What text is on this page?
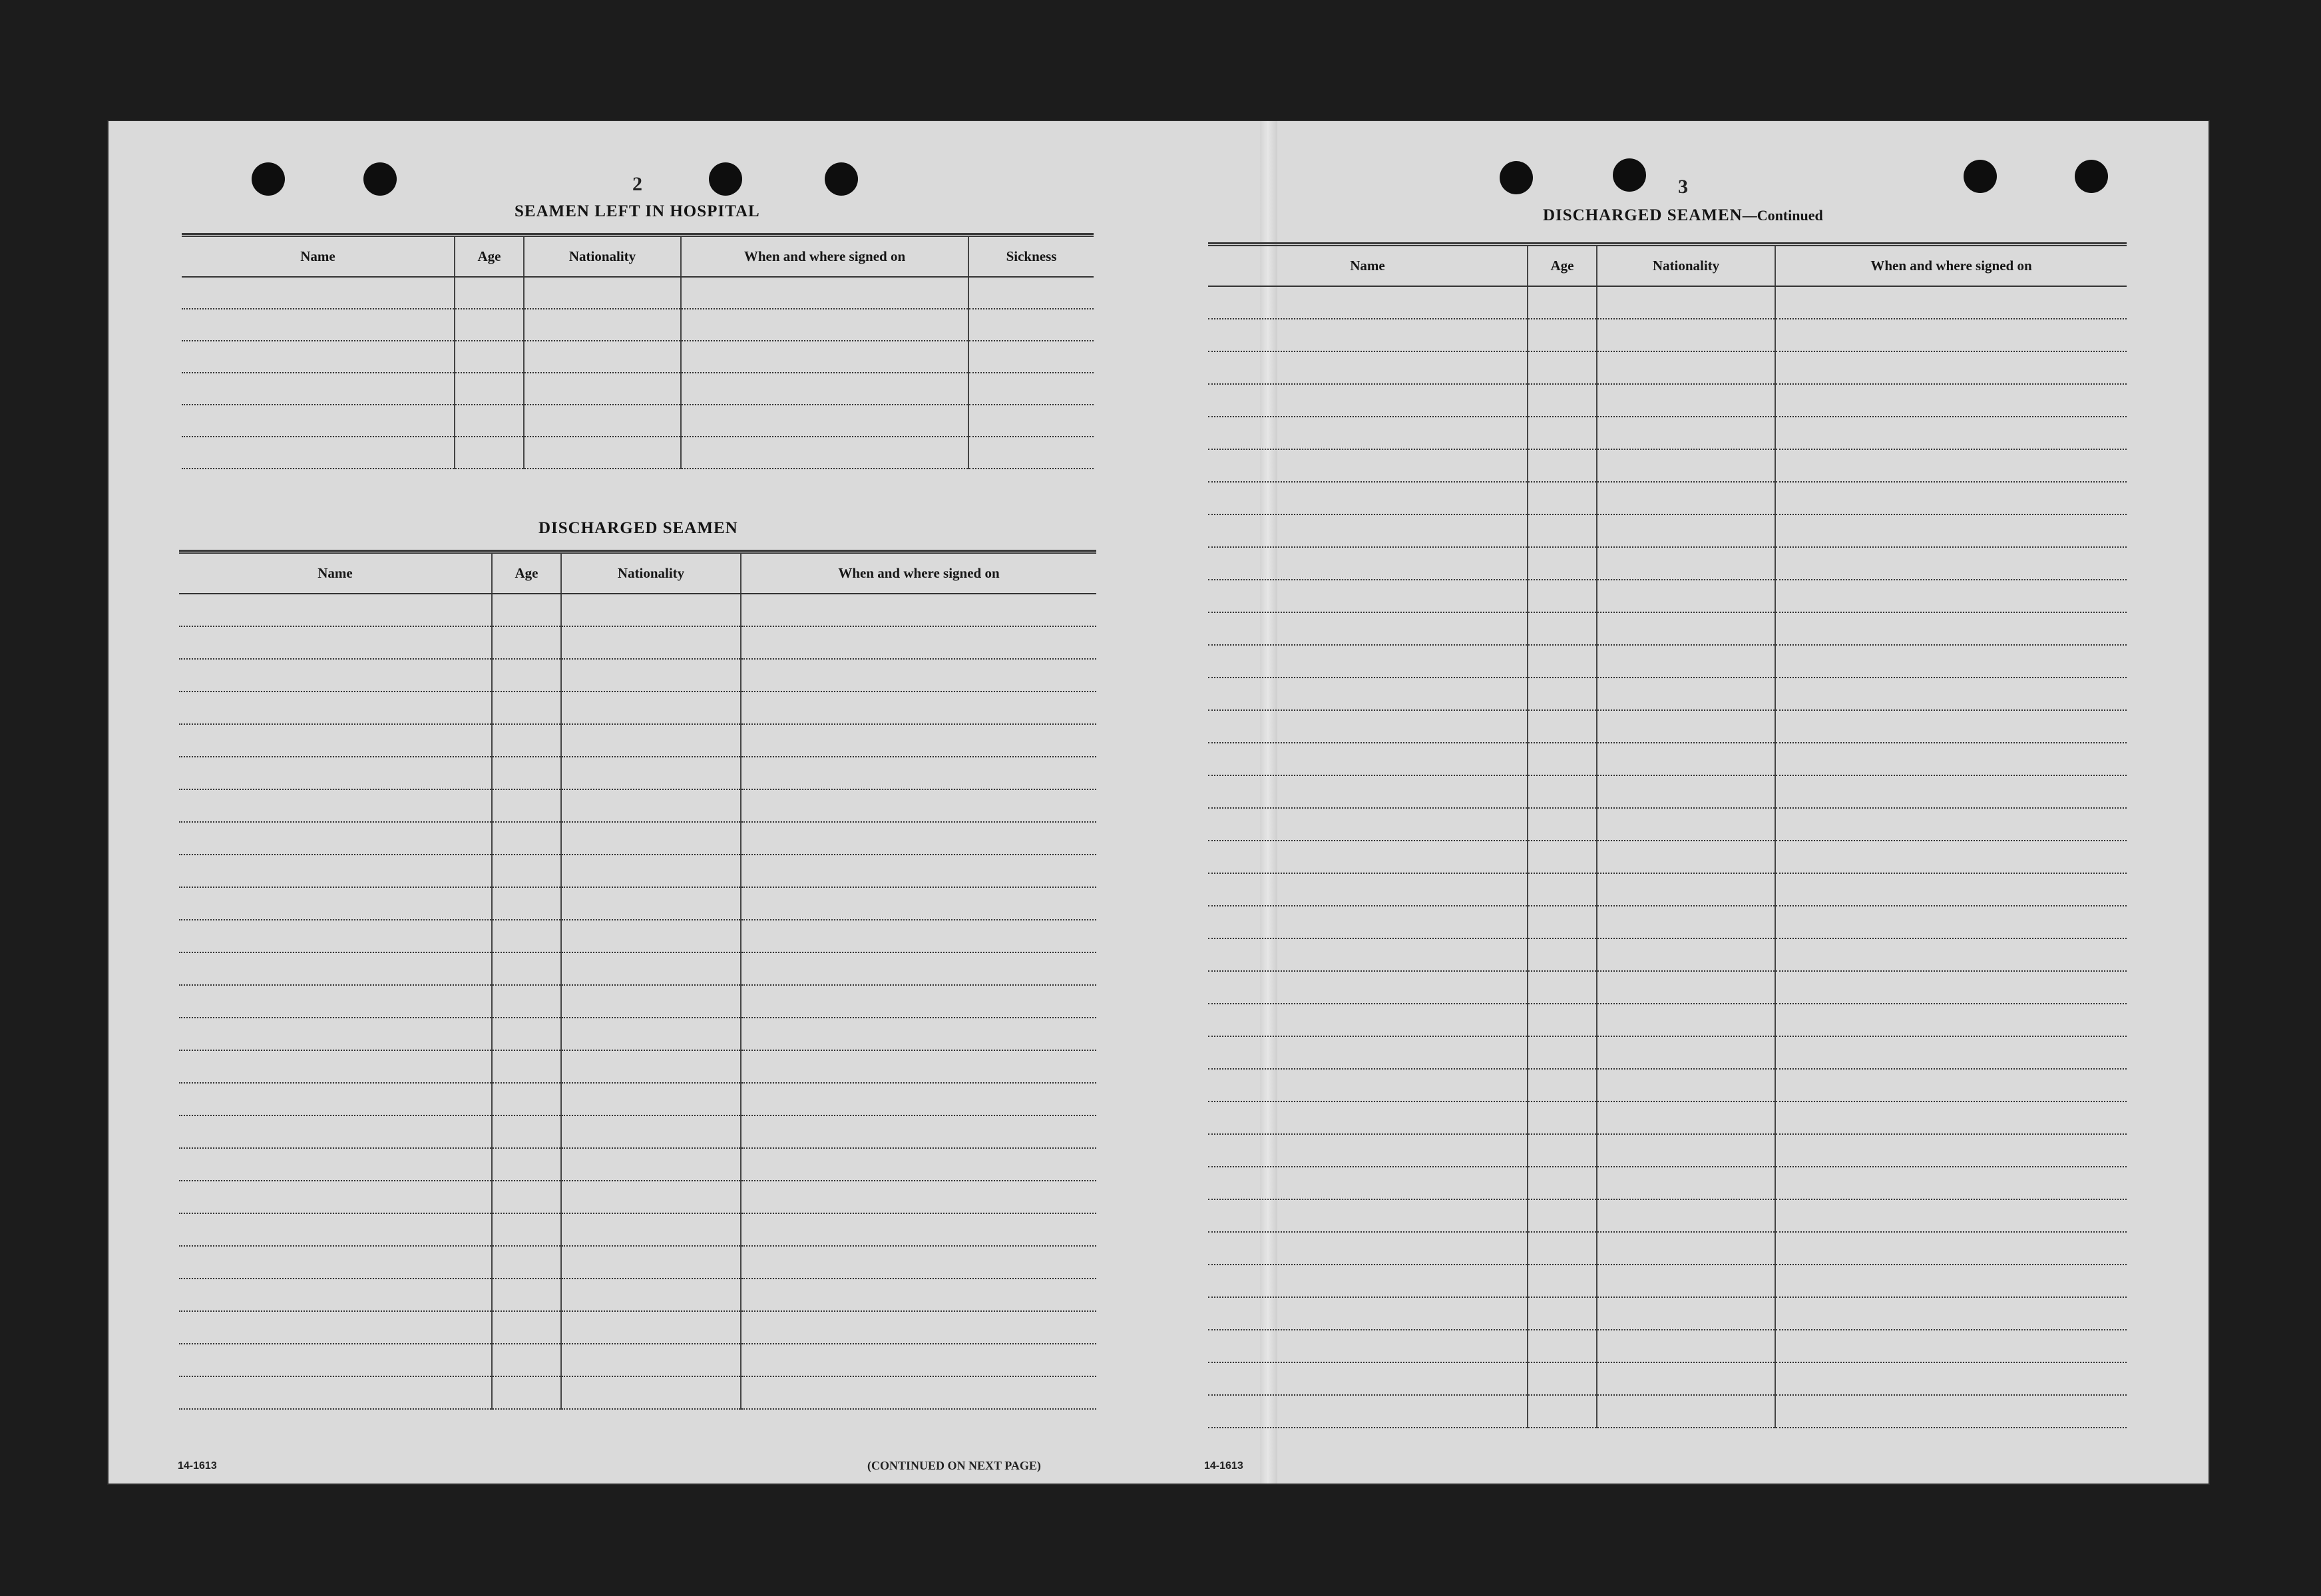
2
SEAMEN LEFT IN HOSPITAL
Name	Age	Nationality	When and where signed on	Sickness

DISCHARGED SEAMEN
Name	Age	Nationality	When and where signed on

14-1613	(CONTINUED ON NEXT PAGE)
3
DISCHARGED SEAMEN—Continued
Name	Age	Nationality	When and where signed on

14-1613
